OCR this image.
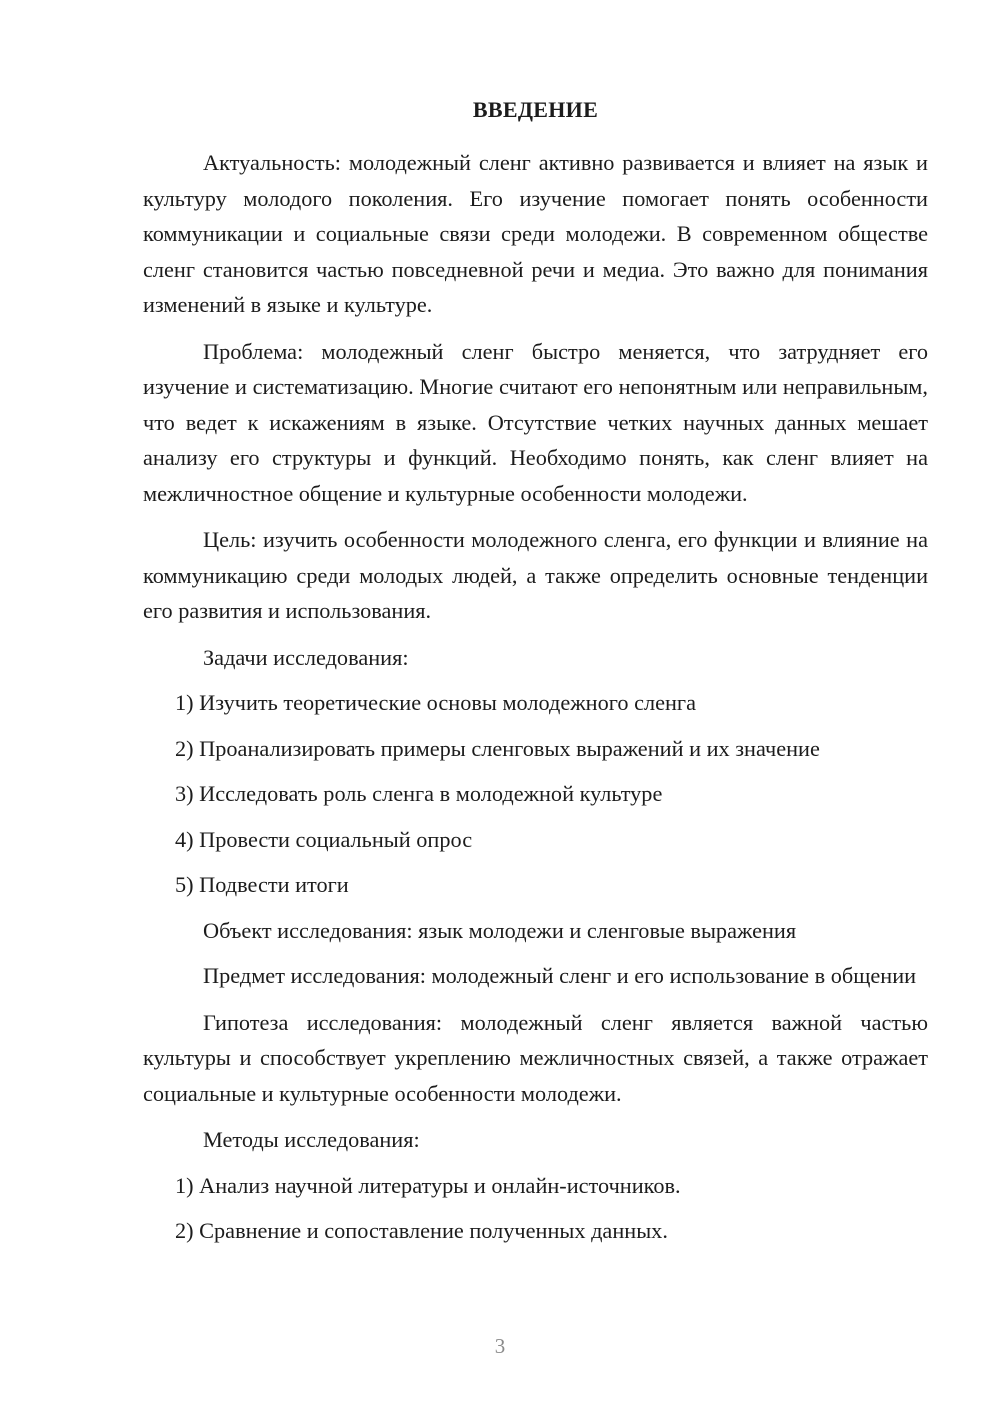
ВВЕДЕНИЕ

Актуальность: молодежный сленг активно развивается и влияет на язык и культуру молодого поколения. Его изучение помогает понять особенности коммуникации и социальные связи среди молодежи. В современном обществе сленг становится частью повседневной речи и медиа. Это важно для понимания изменений в языке и культуре.

Проблема: молодежный сленг быстро меняется, что затрудняет его изучение и систематизацию. Многие считают его непонятным или неправильным, что ведет к искажениям в языке. Отсутствие четких научных данных мешает анализу его структуры и функций. Необходимо понять, как сленг влияет на межличностное общение и культурные особенности молодежи.

Цель: изучить особенности молодежного сленга, его функции и влияние на коммуникацию среди молодых людей, а также определить основные тенденции его развития и использования.

Задачи исследования:
1) Изучить теоретические основы молодежного сленга
2) Проанализировать примеры сленговых выражений и их значение
3) Исследовать роль сленга в молодежной культуре
4) Провести социальный опрос
5) Подвести итоги
Объект исследования: язык молодежи и сленговые выражения

Предмет исследования: молодежный сленг и его использование в общении

Гипотеза исследования: молодежный сленг является важной частью культуры и способствует укреплению межличностных связей, а также отражает социальные и культурные особенности молодежи.

Методы исследования:
1) Анализ научной литературы и онлайн-источников.
2) Сравнение и сопоставление полученных данных.
3
